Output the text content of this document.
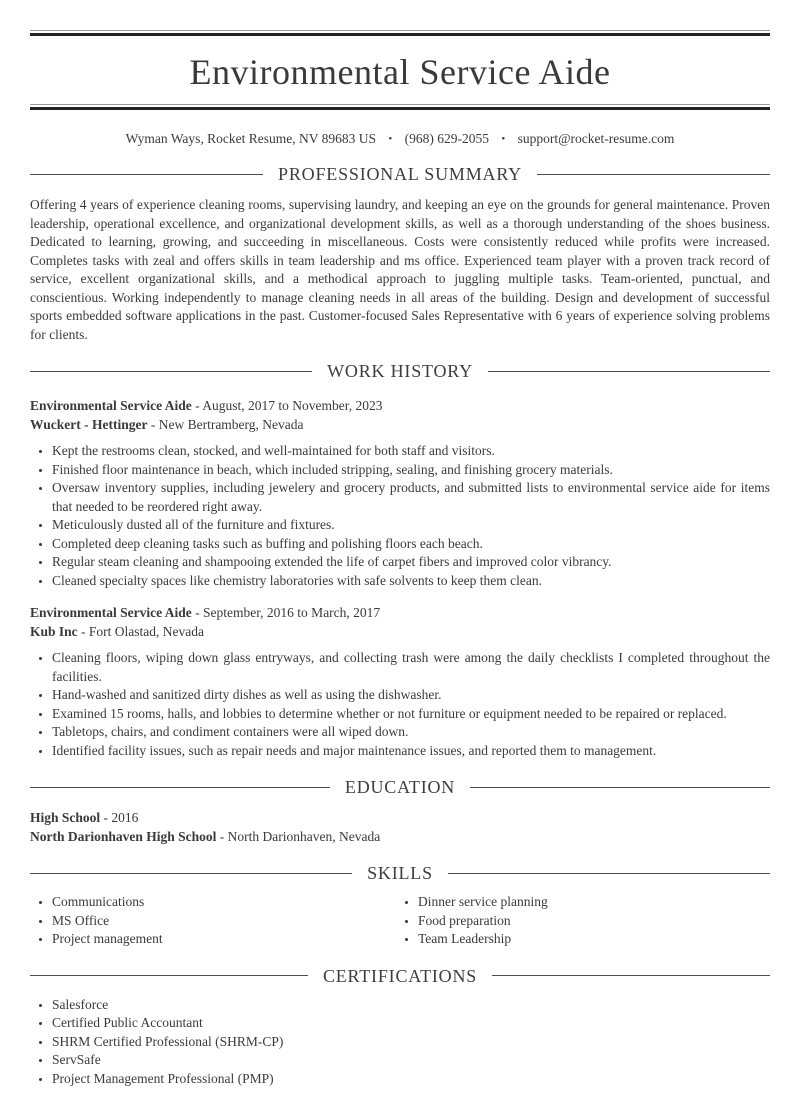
Environmental Service Aide
Wyman Ways, Rocket Resume, NV 89683 US • (968) 629-2055 • support@rocket-resume.com
PROFESSIONAL SUMMARY

Offering 4 years of experience cleaning rooms, supervising laundry, and keeping an eye on the grounds for general maintenance. Proven leadership, operational excellence, and organizational development skills, as well as a thorough understanding of the shoes business. Dedicated to learning, growing, and succeeding in miscellaneous. Costs were consistently reduced while profits were increased. Completes tasks with zeal and offers skills in team leadership and ms office. Experienced team player with a proven track record of service, excellent organizational skills, and a methodical approach to juggling multiple tasks. Team-oriented, punctual, and conscientious. Working independently to manage cleaning needs in all areas of the building. Design and development of successful sports embedded software applications in the past. Customer-focused Sales Representative with 6 years of experience solving problems for clients.

WORK HISTORY

Environmental Service Aide - August, 2017 to November, 2023

Wuckert - Hettinger - New Bertramberg, Nevada

• Kept the restrooms clean, stocked, and well-maintained for both staff and visitors.
• Finished floor maintenance in beach, which included stripping, sealing, and finishing grocery materials.
• Oversaw inventory supplies, including jewelery and grocery products, and submitted lists to environmental service aide for items that needed to be reordered right away.
• Meticulously dusted all of the furniture and fixtures.
• Completed deep cleaning tasks such as buffing and polishing floors each beach.
• Regular steam cleaning and shampooing extended the life of carpet fibers and improved color vibrancy.
• Cleaned specialty spaces like chemistry laboratories with safe solvents to keep them clean.

Environmental Service Aide - September, 2016 to March, 2017

Kub Inc - Fort Olastad, Nevada

• Cleaning floors, wiping down glass entryways, and collecting trash were among the daily checklists I completed throughout the facilities.
• Hand-washed and sanitized dirty dishes as well as using the dishwasher.
• Examined 15 rooms, halls, and lobbies to determine whether or not furniture or equipment needed to be repaired or replaced.
• Tabletops, chairs, and condiment containers were all wiped down.
• Identified facility issues, such as repair needs and major maintenance issues, and reported them to management.
EDUCATION

High School - 2016

North Darionhaven High School - North Darionhaven, Nevada

SKILLS
• Communications
• MS Office
• Project management
• Dinner service planning
• Food preparation
• Team Leadership
CERTIFICATIONS
• Salesforce
• Certified Public Accountant
• SHRM Certified Professional (SHRM-CP)
• ServSafe
• Project Management Professional (PMP)
